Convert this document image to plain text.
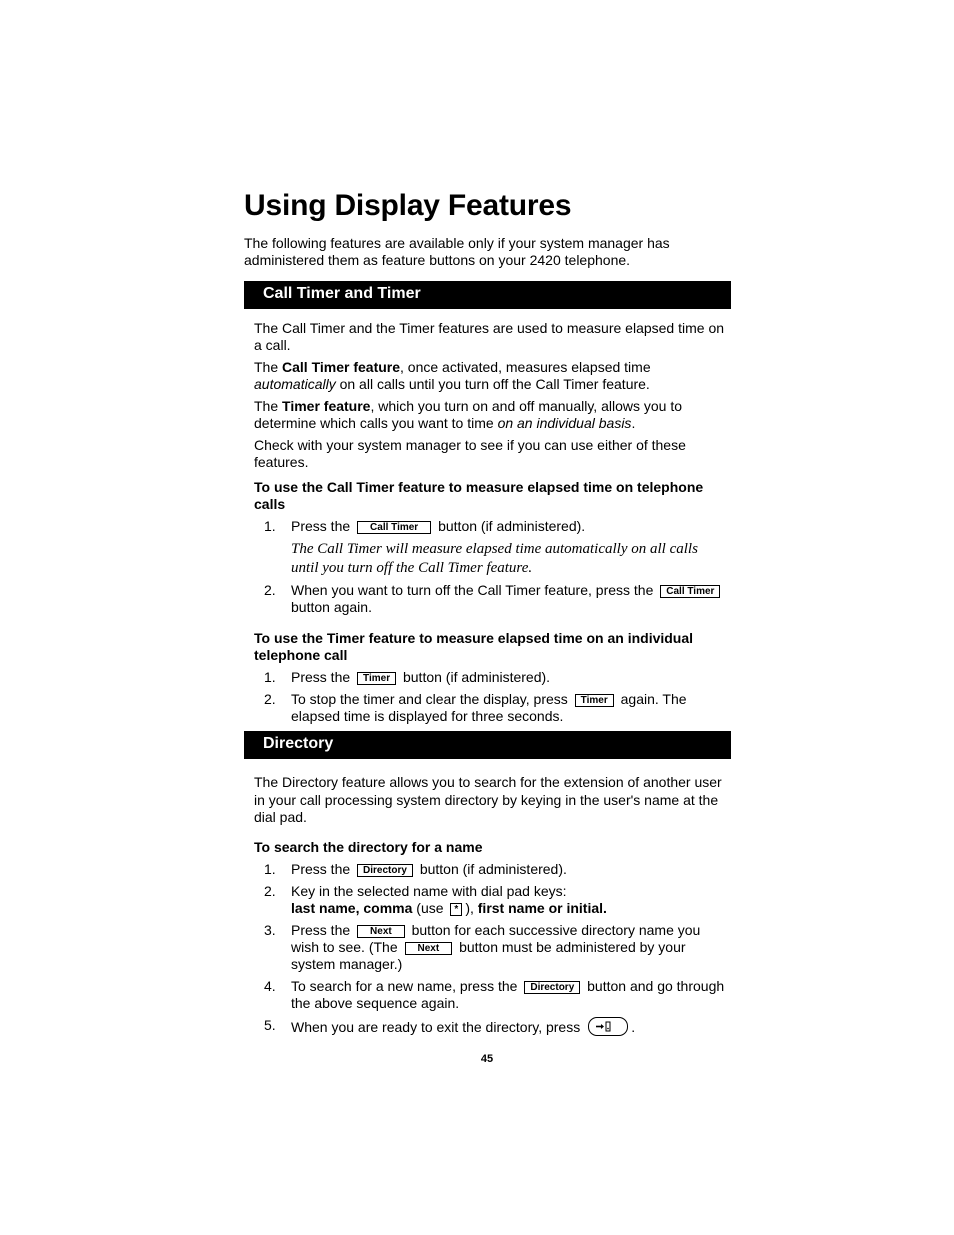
Using Display Features
The following features are available only if your system manager has administered them as feature buttons on your 2420 telephone.
Call Timer and Timer

The Call Timer and the Timer features are used to measure elapsed time on a call.

The Call Timer feature, once activated, measures elapsed time automatically on all calls until you turn off the Call Timer feature.

The Timer feature, which you turn on and off manually, allows you to determine which calls you want to time on an individual basis.

Check with your system manager to see if you can use either of these features.

To use the Call Timer feature to measure elapsed time on telephone calls

1.	Press the Call Timer button (if administered).
The Call Timer will measure elapsed time automatically on all calls until you turn off the Call Timer feature.
2.	When you want to turn off the Call Timer feature, press the Call Timer button again.

To use the Timer feature to measure elapsed time on an individual telephone call

1.	Press the Timer button (if administered).
2.	To stop the timer and clear the display, press Timer again. The elapsed time is displayed for three seconds.
Directory

The Directory feature allows you to search for the extension of another user in your call processing system directory by keying in the user's name at the dial pad.

To search the directory for a name

1.	Press the Directory button (if administered).
2.	Key in the selected name with dial pad keys:
last name, comma (use * ), first name or initial.
3.	Press the Next button for each successive directory name you wish to see. (The Next button must be administered by your system manager.)
4.	To search for a new name, press the Directory button and go through the above sequence again.
5.	When you are ready to exit the directory, press	.
45
